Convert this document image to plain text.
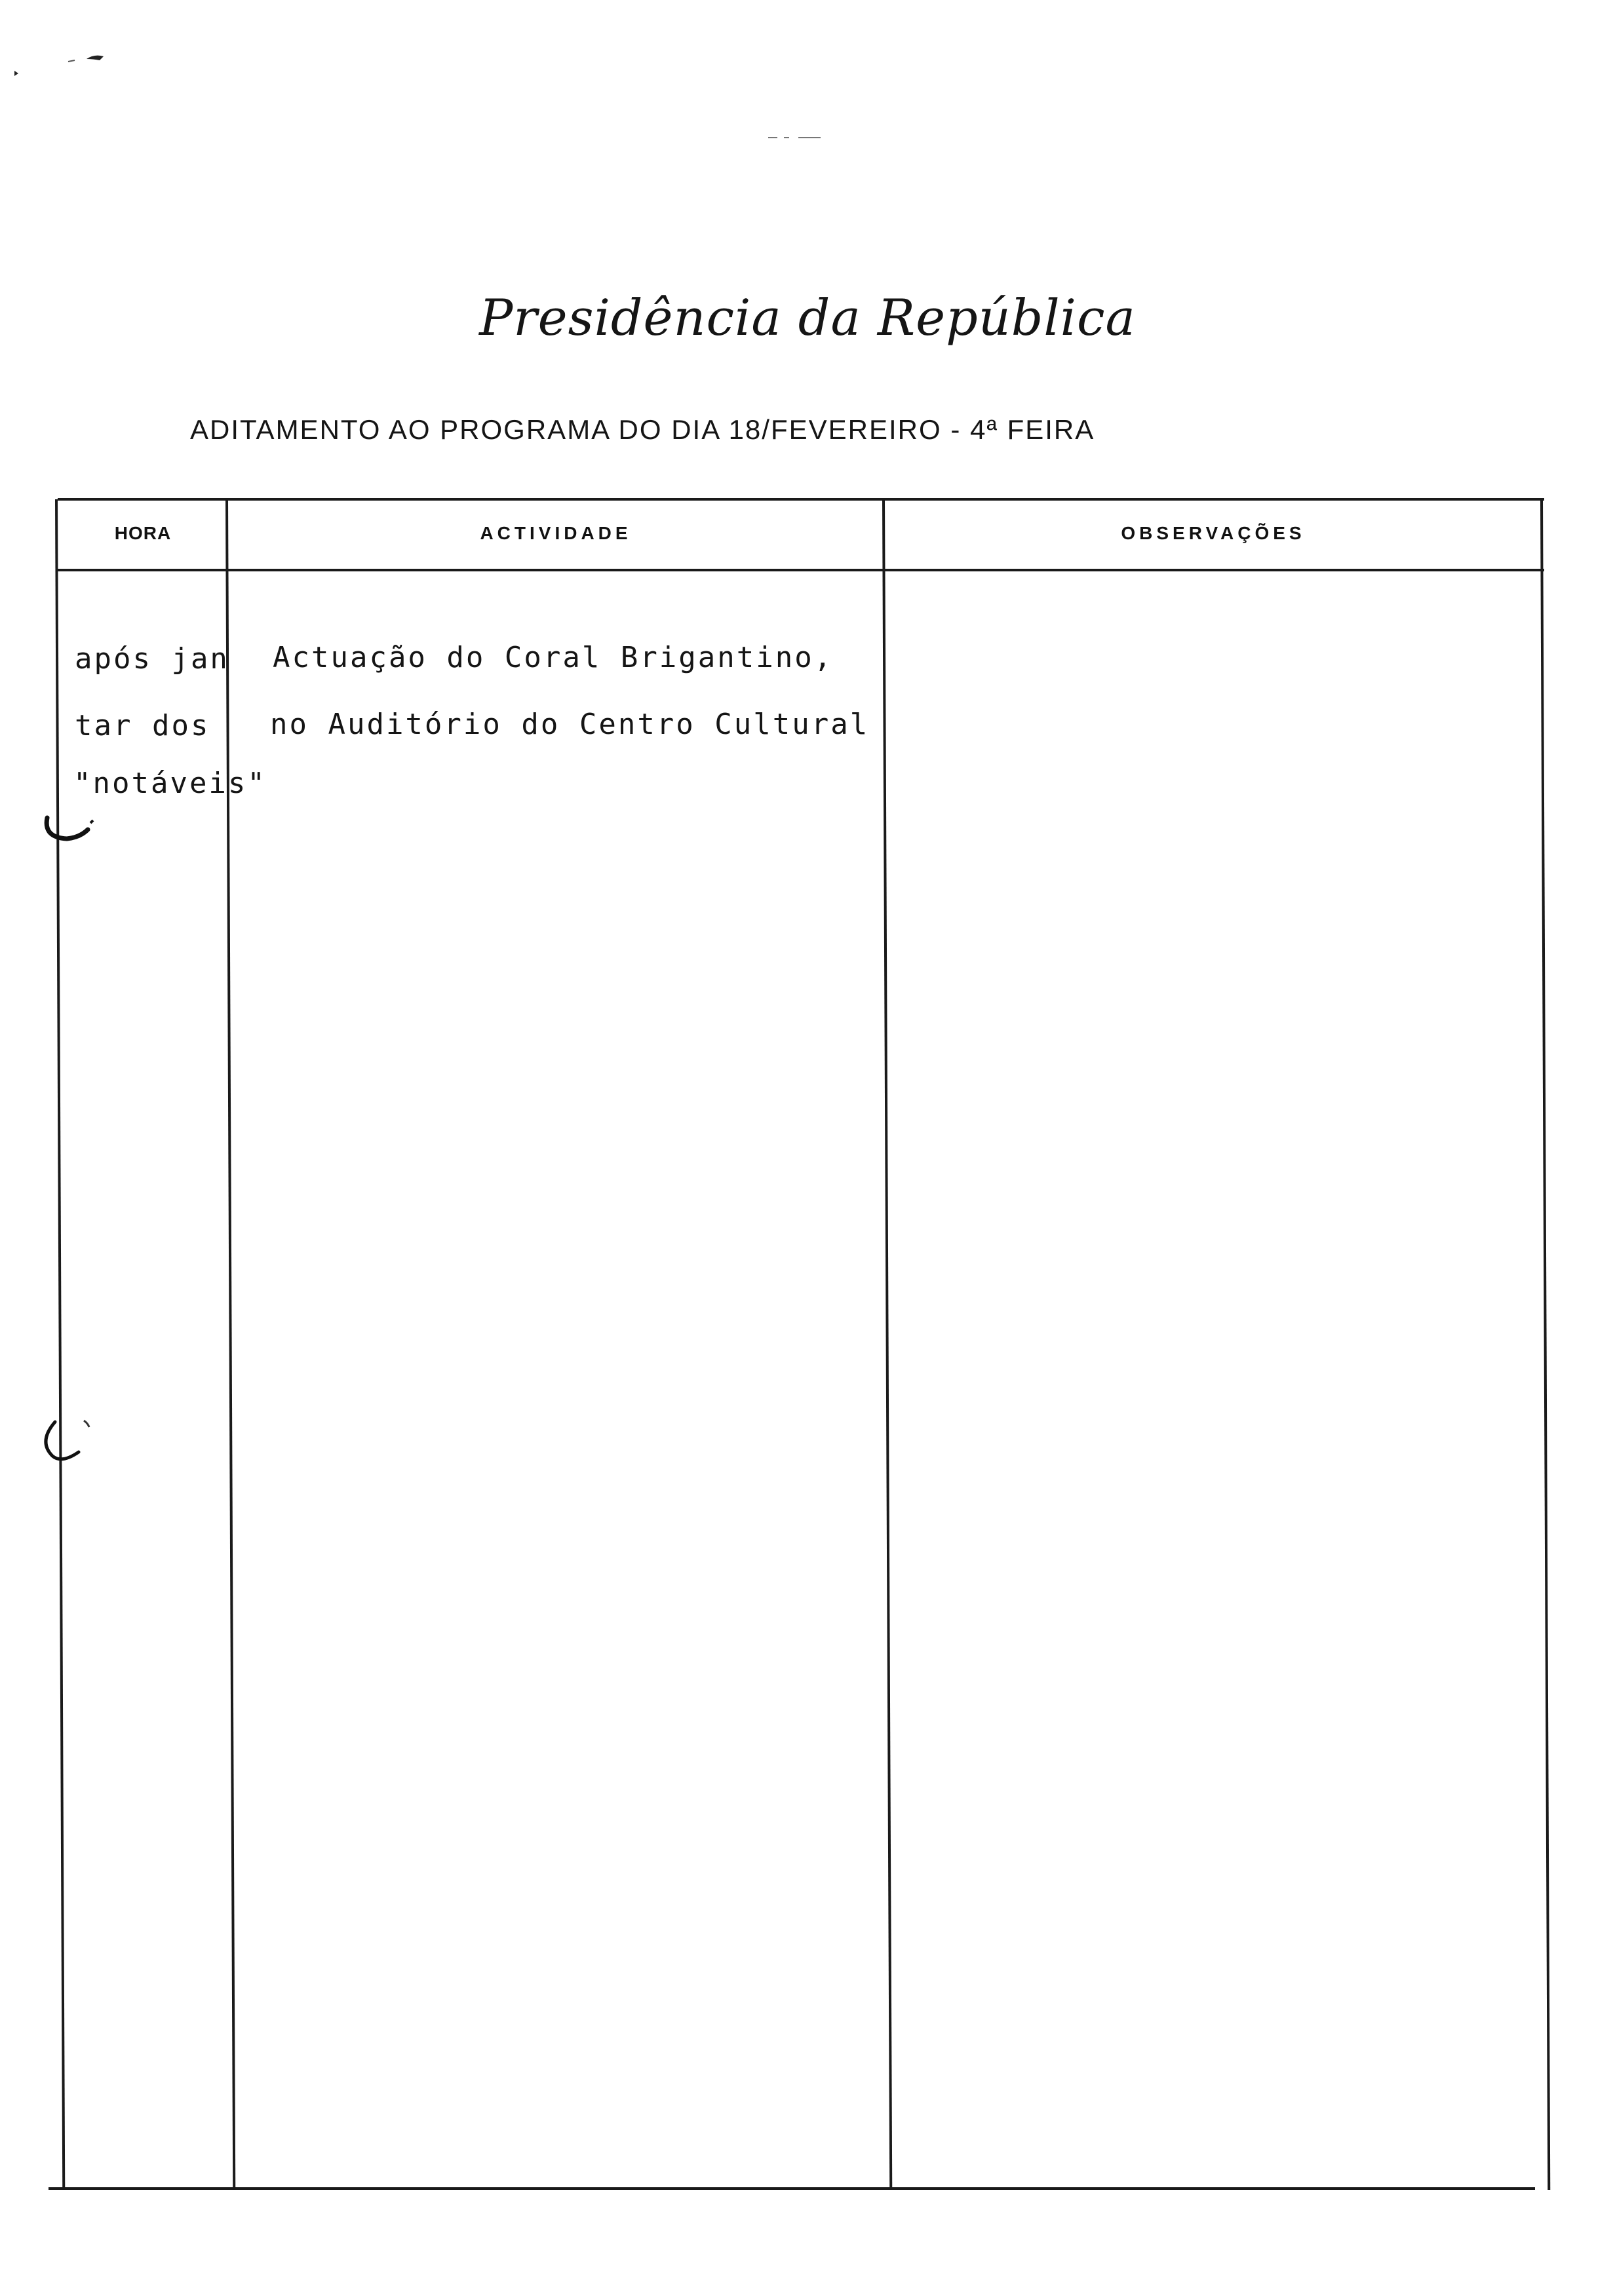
Presidência da República
ADITAMENTO AO PROGRAMA DO DIA 18/FEVEREIRO - 4ª FEIRA
HORA	ACTIVIDADE	OBSERVAÇÕES
após jan
tar dos
"notáveis"
Actuação do Coral Brigantino,
no Auditório do Centro Cultural
